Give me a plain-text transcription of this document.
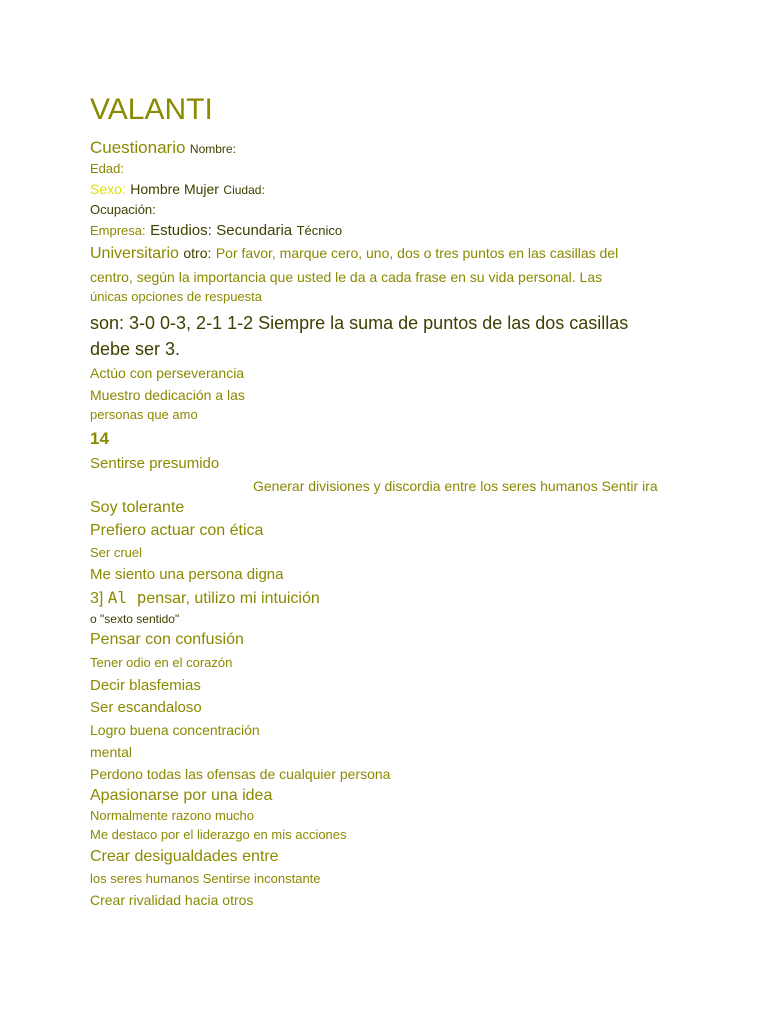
VALANTI
Cuestionario Nombre:
Edad:
Sexo: Hombre Mujer Ciudad:
Ocupación:
Empresa: Estudios: Secundaria Técnico
Universitario otro: Por favor, marque cero, uno, dos o tres puntos en las casillas del
centro, según la importancia que usted le da a cada frase en su vida personal. Las
únicas opciones de respuesta
son: 3-0 0-3, 2-1 1-2 Siempre la suma de puntos de las dos casillas
debe ser 3.
Actúo con perseverancia
Muestro dedicación a las
personas que amo
14
Sentirse presumido
Generar divisiones y discordia entre los seres humanos Sentir ira
Soy tolerante
Prefiero actuar con ética
Ser cruel
Me siento una persona digna
3] Al pensar, utilizo mi intuición
o "sexto sentido"
Pensar con confusión
Tener odio en el corazón
Decir blasfemias
Ser escandaloso
Logro buena concentración
mental
Perdono todas las ofensas de cualquier persona
Apasionarse por una idea
Normalmente razono mucho
Me destaco por el liderazgo en mis acciones
Crear desigualdades entre
los seres humanos Sentirse inconstante
Crear rivalidad hacia otros
